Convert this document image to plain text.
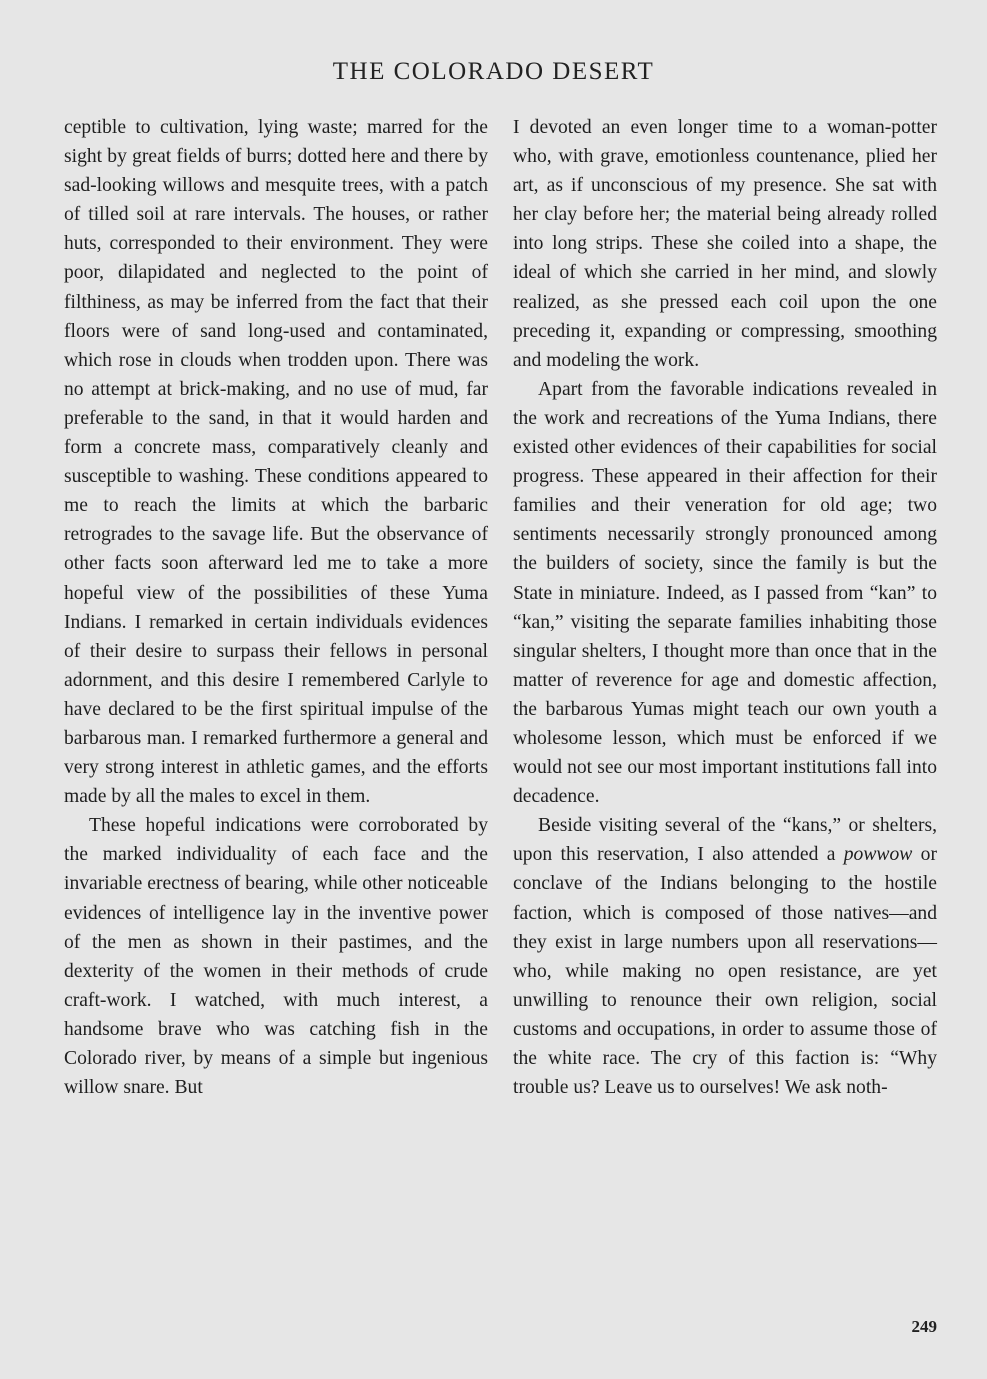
THE COLORADO DESERT

ceptible to cultivation, lying waste; marred for the sight by great fields of burrs; dotted here and there by sad-looking willows and mesquite trees, with a patch of tilled soil at rare intervals. The houses, or rather huts, corresponded to their environment. They were poor, dilapidated and neglected to the point of filthiness, as may be inferred from the fact that their floors were of sand long-used and contaminated, which rose in clouds when trodden upon. There was no attempt at brick-making, and no use of mud, far preferable to the sand, in that it would harden and form a concrete mass, comparatively cleanly and susceptible to washing. These conditions appeared to me to reach the limits at which the barbaric retrogrades to the savage life. But the observance of other facts soon afterward led me to take a more hopeful view of the possibilities of these Yuma Indians. I remarked in certain individuals evidences of their desire to surpass their fellows in personal adornment, and this desire I remembered Carlyle to have declared to be the first spiritual impulse of the barbarous man. I remarked furthermore a general and very strong interest in athletic games, and the efforts made by all the males to excel in them.

These hopeful indications were corroborated by the marked individuality of each face and the invariable erectness of bearing, while other noticeable evidences of intelligence lay in the inventive power of the men as shown in their pastimes, and the dexterity of the women in their methods of crude craft-work. I watched, with much interest, a handsome brave who was catching fish in the Colorado river, by means of a simple but ingenious willow snare. But

I devoted an even longer time to a woman-potter who, with grave, emotionless countenance, plied her art, as if unconscious of my presence. She sat with her clay before her; the material being already rolled into long strips. These she coiled into a shape, the ideal of which she carried in her mind, and slowly realized, as she pressed each coil upon the one preceding it, expanding or compressing, smoothing and modeling the work.

Apart from the favorable indications revealed in the work and recreations of the Yuma Indians, there existed other evidences of their capabilities for social progress. These appeared in their affection for their families and their veneration for old age; two sentiments necessarily strongly pronounced among the builders of society, since the family is but the State in miniature. Indeed, as I passed from “kan” to “kan,” visiting the separate families inhabiting those singular shelters, I thought more than once that in the matter of reverence for age and domestic affection, the barbarous Yumas might teach our own youth a wholesome lesson, which must be enforced if we would not see our most important institutions fall into decadence.

Beside visiting several of the “kans,” or shelters, upon this reservation, I also attended a powwow or conclave of the Indians belonging to the hostile faction, which is composed of those natives—and they exist in large numbers upon all reservations—who, while making no open resistance, are yet unwilling to renounce their own religion, social customs and occupations, in order to assume those of the white race. The cry of this faction is: “Why trouble us? Leave us to ourselves! We ask noth-

249
